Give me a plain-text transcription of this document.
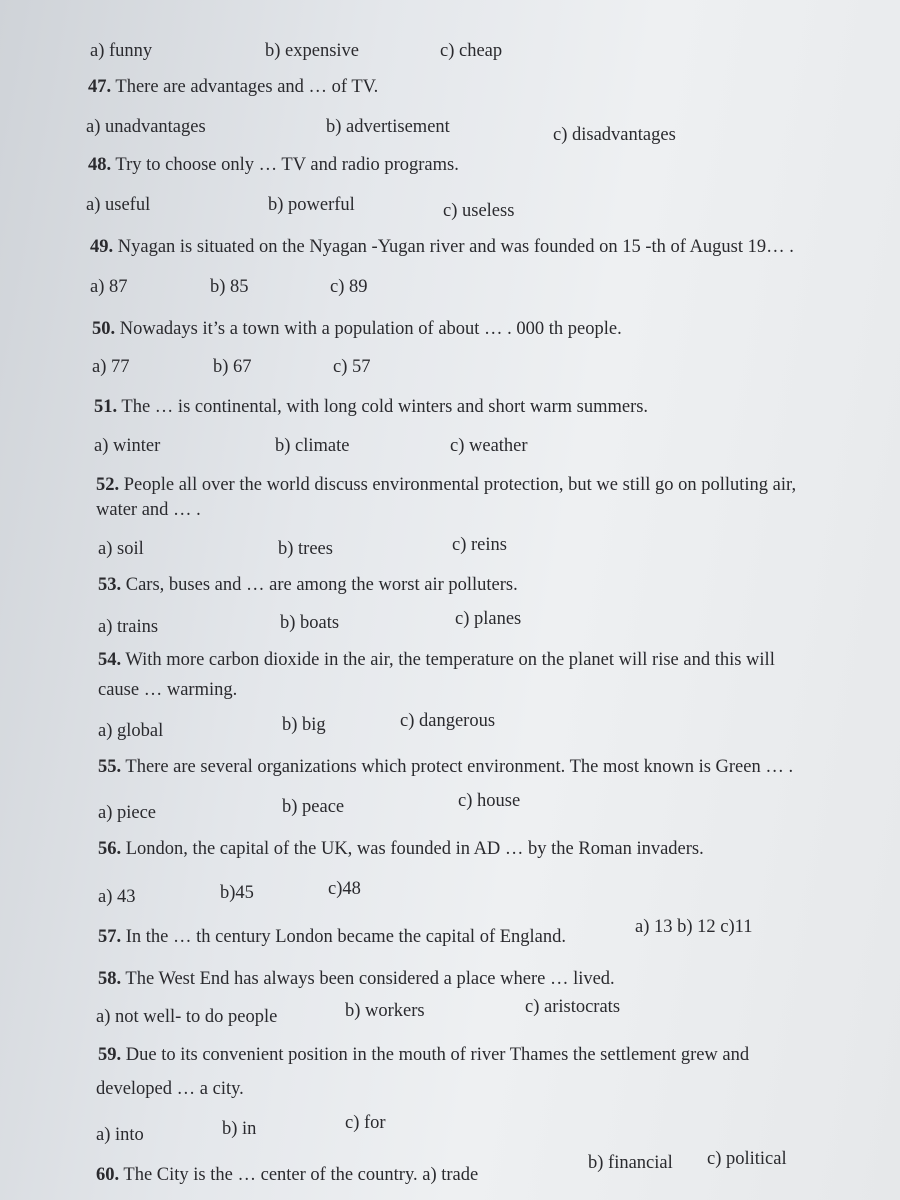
a) funny	b) expensive	c) cheap
47. There are advantages and … of TV.
a) unadvantages	b) advertisement	c) disadvantages
48. Try to choose only … TV and radio programs.
a) useful	b) powerful	c) useless
49. Nyagan is situated on the Nyagan -Yugan river and was founded on 15 -th of August 19… .
a) 87	b) 85	c) 89
50. Nowadays it’s a town with a population of about … . 000 th people.
a) 77	b) 67	c) 57
51. The … is continental, with long cold winters and short warm summers.
a) winter	b) climate	c) weather
52. People all over the world discuss environmental protection, but we still go on polluting air,
water and … .
a) soil	b) trees	c) reins
53. Cars, buses and … are among the worst air polluters.
a) trains	b) boats	c) planes
54. With more carbon dioxide in the air, the temperature on the planet will rise and this will
cause … warming.
a) global	b) big	c) dangerous
55. There are several organizations which protect environment. The most known is Green … .
a) piece	b) peace	c) house
56. London, the capital of the UK, was founded in AD … by the Roman invaders.
a) 43	b)45	c)48
57. In the … th century London became the capital of England.	a) 13 b) 12 c)11
58. The West End has always been considered a place where … lived.
a) not well- to do people	b) workers	c) aristocrats
59. Due to its convenient position in the mouth of river Thames the settlement grew and
developed … a city.
a) into	b) in	c) for
60. The City is the … center of the country. a) trade
b) financial c) political
